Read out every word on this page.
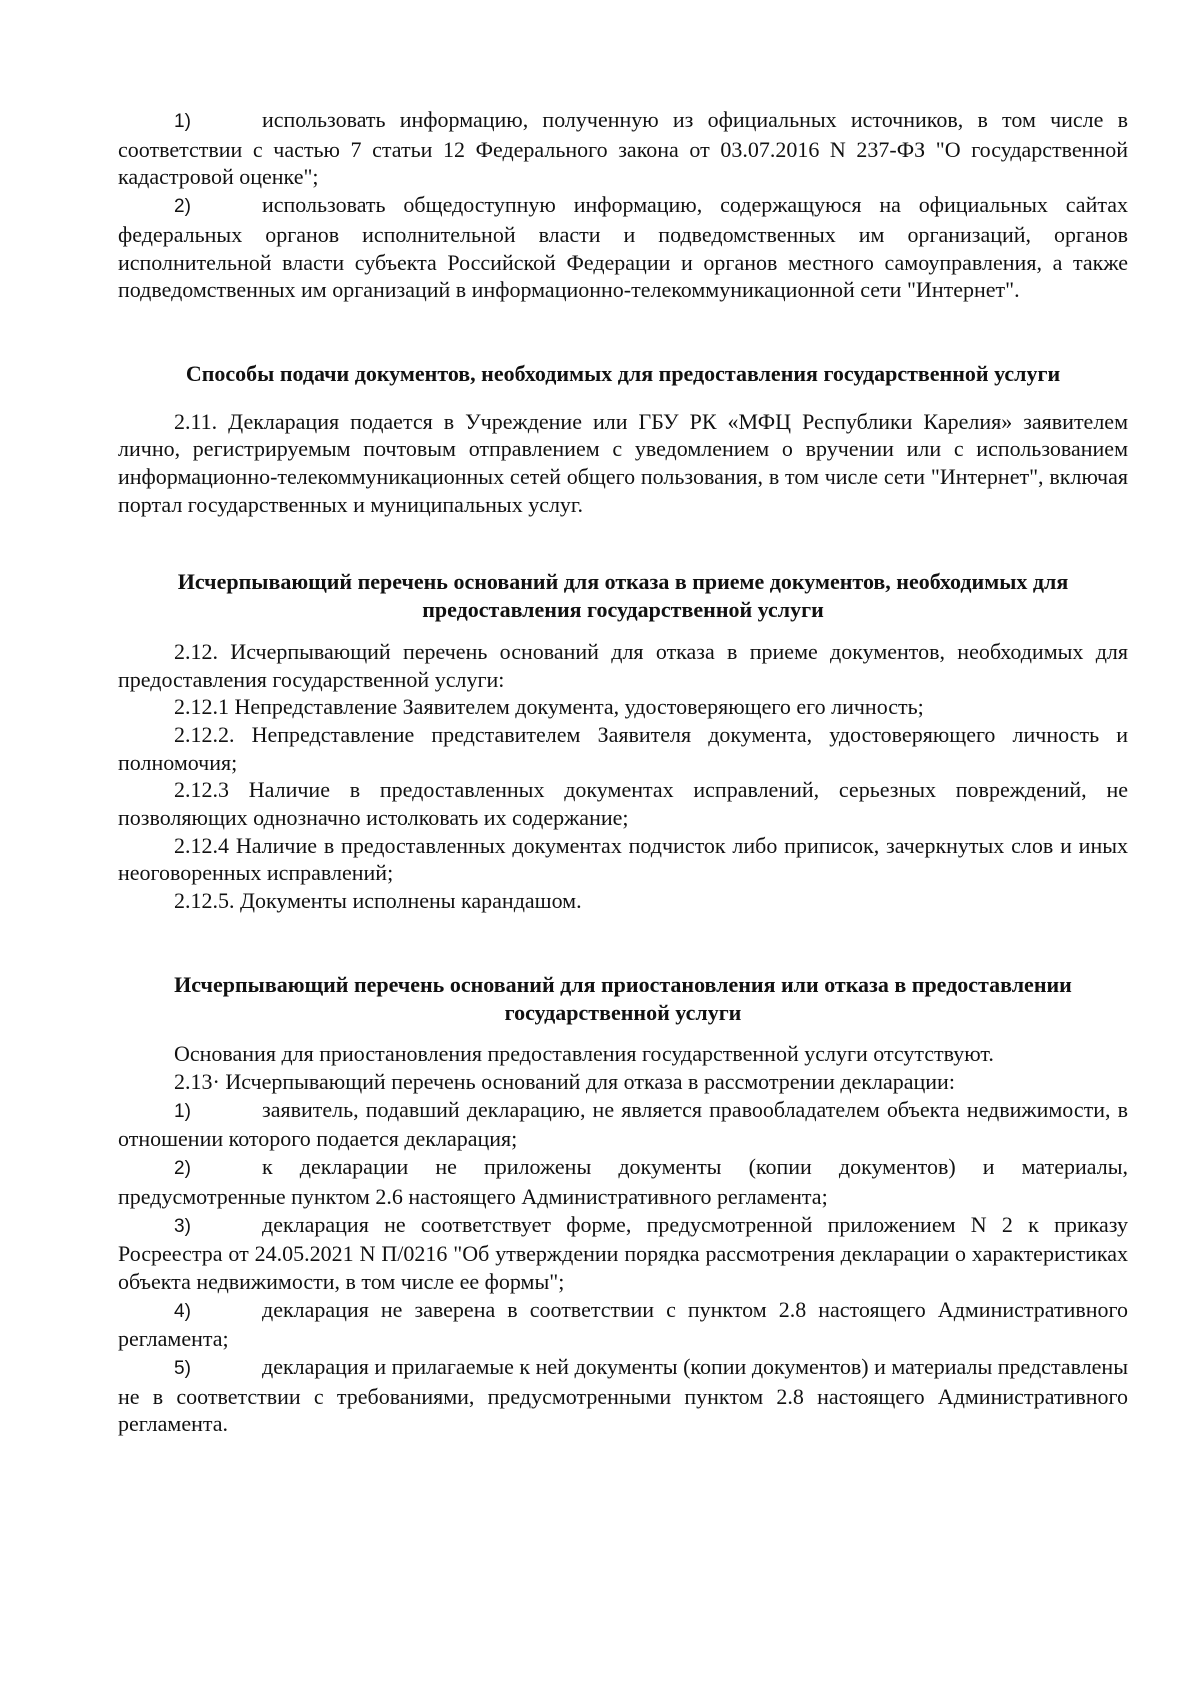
1)	использовать информацию, полученную из официальных источников, в том числе в соответствии с частью 7 статьи 12 Федерального закона от 03.07.2016 N 237-ФЗ "О государственной кадастровой оценке";

2)	использовать общедоступную информацию, содержащуюся на официальных сайтах федеральных органов исполнительной власти и подведомственных им организаций, органов исполнительной власти субъекта Российской Федерации и органов местного самоуправления, а также подведомственных им организаций в информационно-телекоммуникационной сети "Интернет".

Способы подачи документов, необходимых для предоставления государственной услуги

2.11. Декларация подается в Учреждение или ГБУ РК «МФЦ Республики Карелия» заявителем лично, регистрируемым почтовым отправлением с уведомлением о вручении или с использованием информационно-телекоммуникационных сетей общего пользования, в том числе сети "Интернет", включая портал государственных и муниципальных услуг.

Исчерпывающий перечень оснований для отказа в приеме документов, необходимых для предоставления государственной услуги

2.12. Исчерпывающий перечень оснований для отказа в приеме документов, необходимых для предоставления государственной услуги:

2.12.1 Непредставление Заявителем документа, удостоверяющего его личность;

2.12.2. Непредставление представителем Заявителя документа, удостоверяющего личность и полномочия;

2.12.3 Наличие в предоставленных документах исправлений, серьезных повреждений, не позволяющих однозначно истолковать их содержание;

2.12.4 Наличие в предоставленных документах подчисток либо приписок, зачеркнутых слов и иных неоговоренных исправлений;

2.12.5. Документы исполнены карандашом.

Исчерпывающий перечень оснований для приостановления или отказа в предоставлении государственной услуги

Основания для приостановления предоставления государственной услуги отсутствуют.

2.13· Исчерпывающий перечень оснований для отказа в рассмотрении декларации:

1)	заявитель, подавший декларацию, не является правообладателем объекта недвижимости, в отношении которого подается декларация;

2)	к декларации не приложены документы (копии документов) и материалы, предусмотренные пунктом 2.6 настоящего Административного регламента;

3)	декларация не соответствует форме, предусмотренной приложением N 2 к приказу Росреестра от 24.05.2021 N П/0216 "Об утверждении порядка рассмотрения декларации о характеристиках объекта недвижимости, в том числе ее формы";

4)	декларация не заверена в соответствии с пунктом 2.8 настоящего Административного регламента;

5)	декларация и прилагаемые к ней документы (копии документов) и материалы представлены не в соответствии с требованиями, предусмотренными пунктом 2.8 настоящего Административного регламента.
